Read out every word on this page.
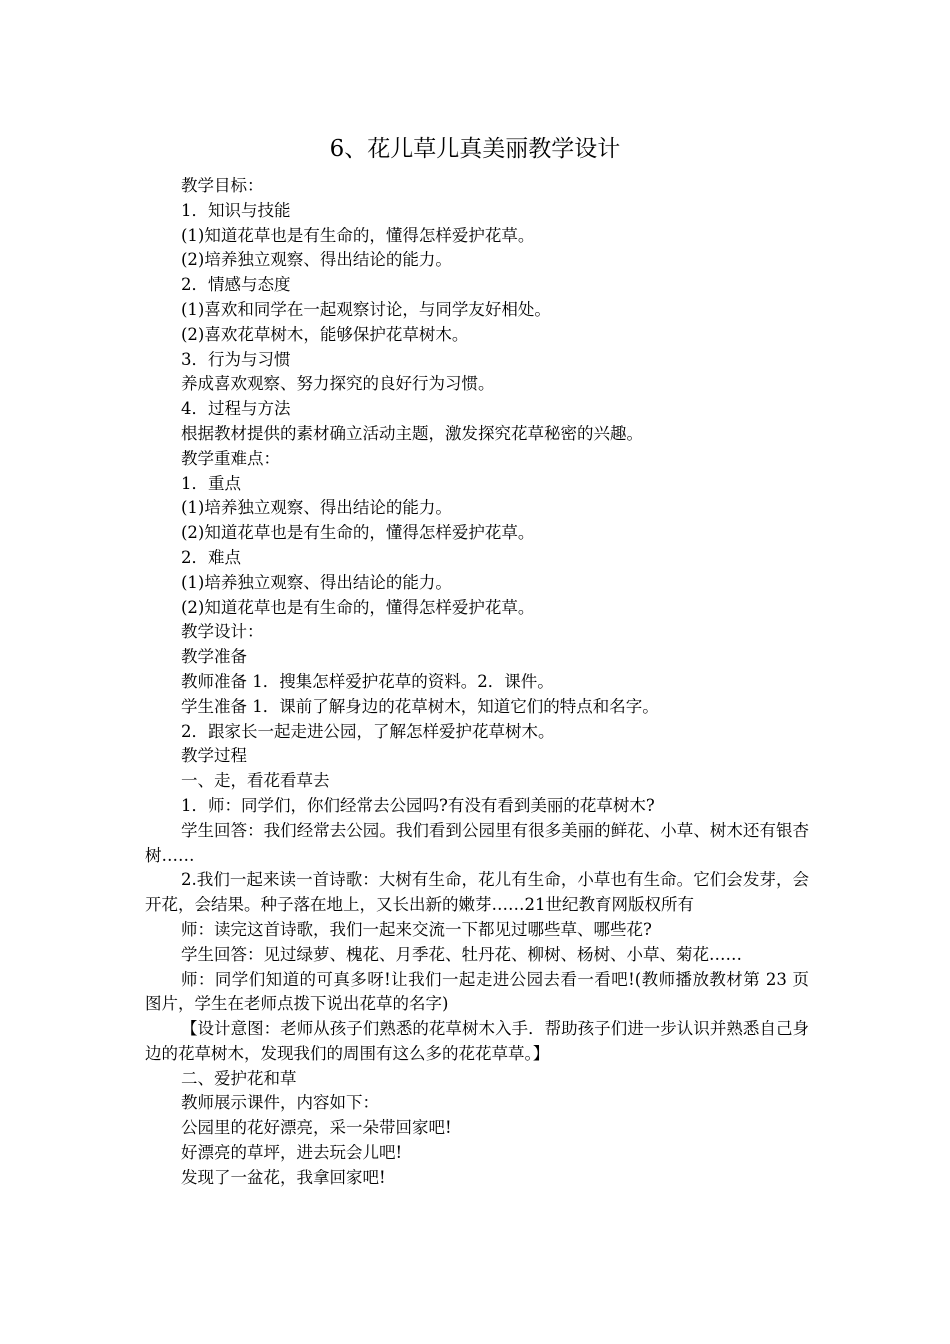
6、花儿草儿真美丽教学设计

教学目标：

1．知识与技能

(1)知道花草也是有生命的，懂得怎样爱护花草。

(2)培养独立观察、得出结论的能力。

2．情感与态度

(1)喜欢和同学在一起观察讨论，与同学友好相处。

(2)喜欢花草树木，能够保护花草树木。

3．行为与习惯

养成喜欢观察、努力探究的良好行为习惯。

4．过程与方法

根据教材提供的素材确立活动主题，激发探究花草秘密的兴趣。

教学重难点：

1．重点

(1)培养独立观察、得出结论的能力。

(2)知道花草也是有生命的，懂得怎样爱护花草。

2．难点

(1)培养独立观察、得出结论的能力。

(2)知道花草也是有生命的，懂得怎样爱护花草。

教学设计：

教学准备

教师准备 1．搜集怎样爱护花草的资料。2．课件。

学生准备 1．课前了解身边的花草树木，知道它们的特点和名字。

2．跟家长一起走进公园，了解怎样爱护花草树木。

教学过程

一、走，看花看草去

1．师：同学们，你们经常去公园吗?有没有看到美丽的花草树木?

学生回答：我们经常去公园。我们看到公园里有很多美丽的鲜花、小草、树木还有银杏树……

2.我们一起来读一首诗歌：大树有生命，花儿有生命，小草也有生命。它们会发芽，会开花，会结果。种子落在地上，又长出新的嫩芽……21世纪教育网版权所有

师：读完这首诗歌，我们一起来交流一下都见过哪些草、哪些花?

学生回答：见过绿萝、槐花、月季花、牡丹花、柳树、杨树、小草、菊花……

师：同学们知道的可真多呀!让我们一起走进公园去看一看吧!(教师播放教材第 23 页图片，学生在老师点拨下说出花草的名字)

【设计意图：老师从孩子们熟悉的花草树木入手．帮助孩子们进一步认识并熟悉自己身边的花草树木，发现我们的周围有这么多的花花草草。】

二、爱护花和草

教师展示课件，内容如下：

公园里的花好漂亮，采一朵带回家吧!

好漂亮的草坪，进去玩会儿吧!

发现了一盆花，我拿回家吧!
